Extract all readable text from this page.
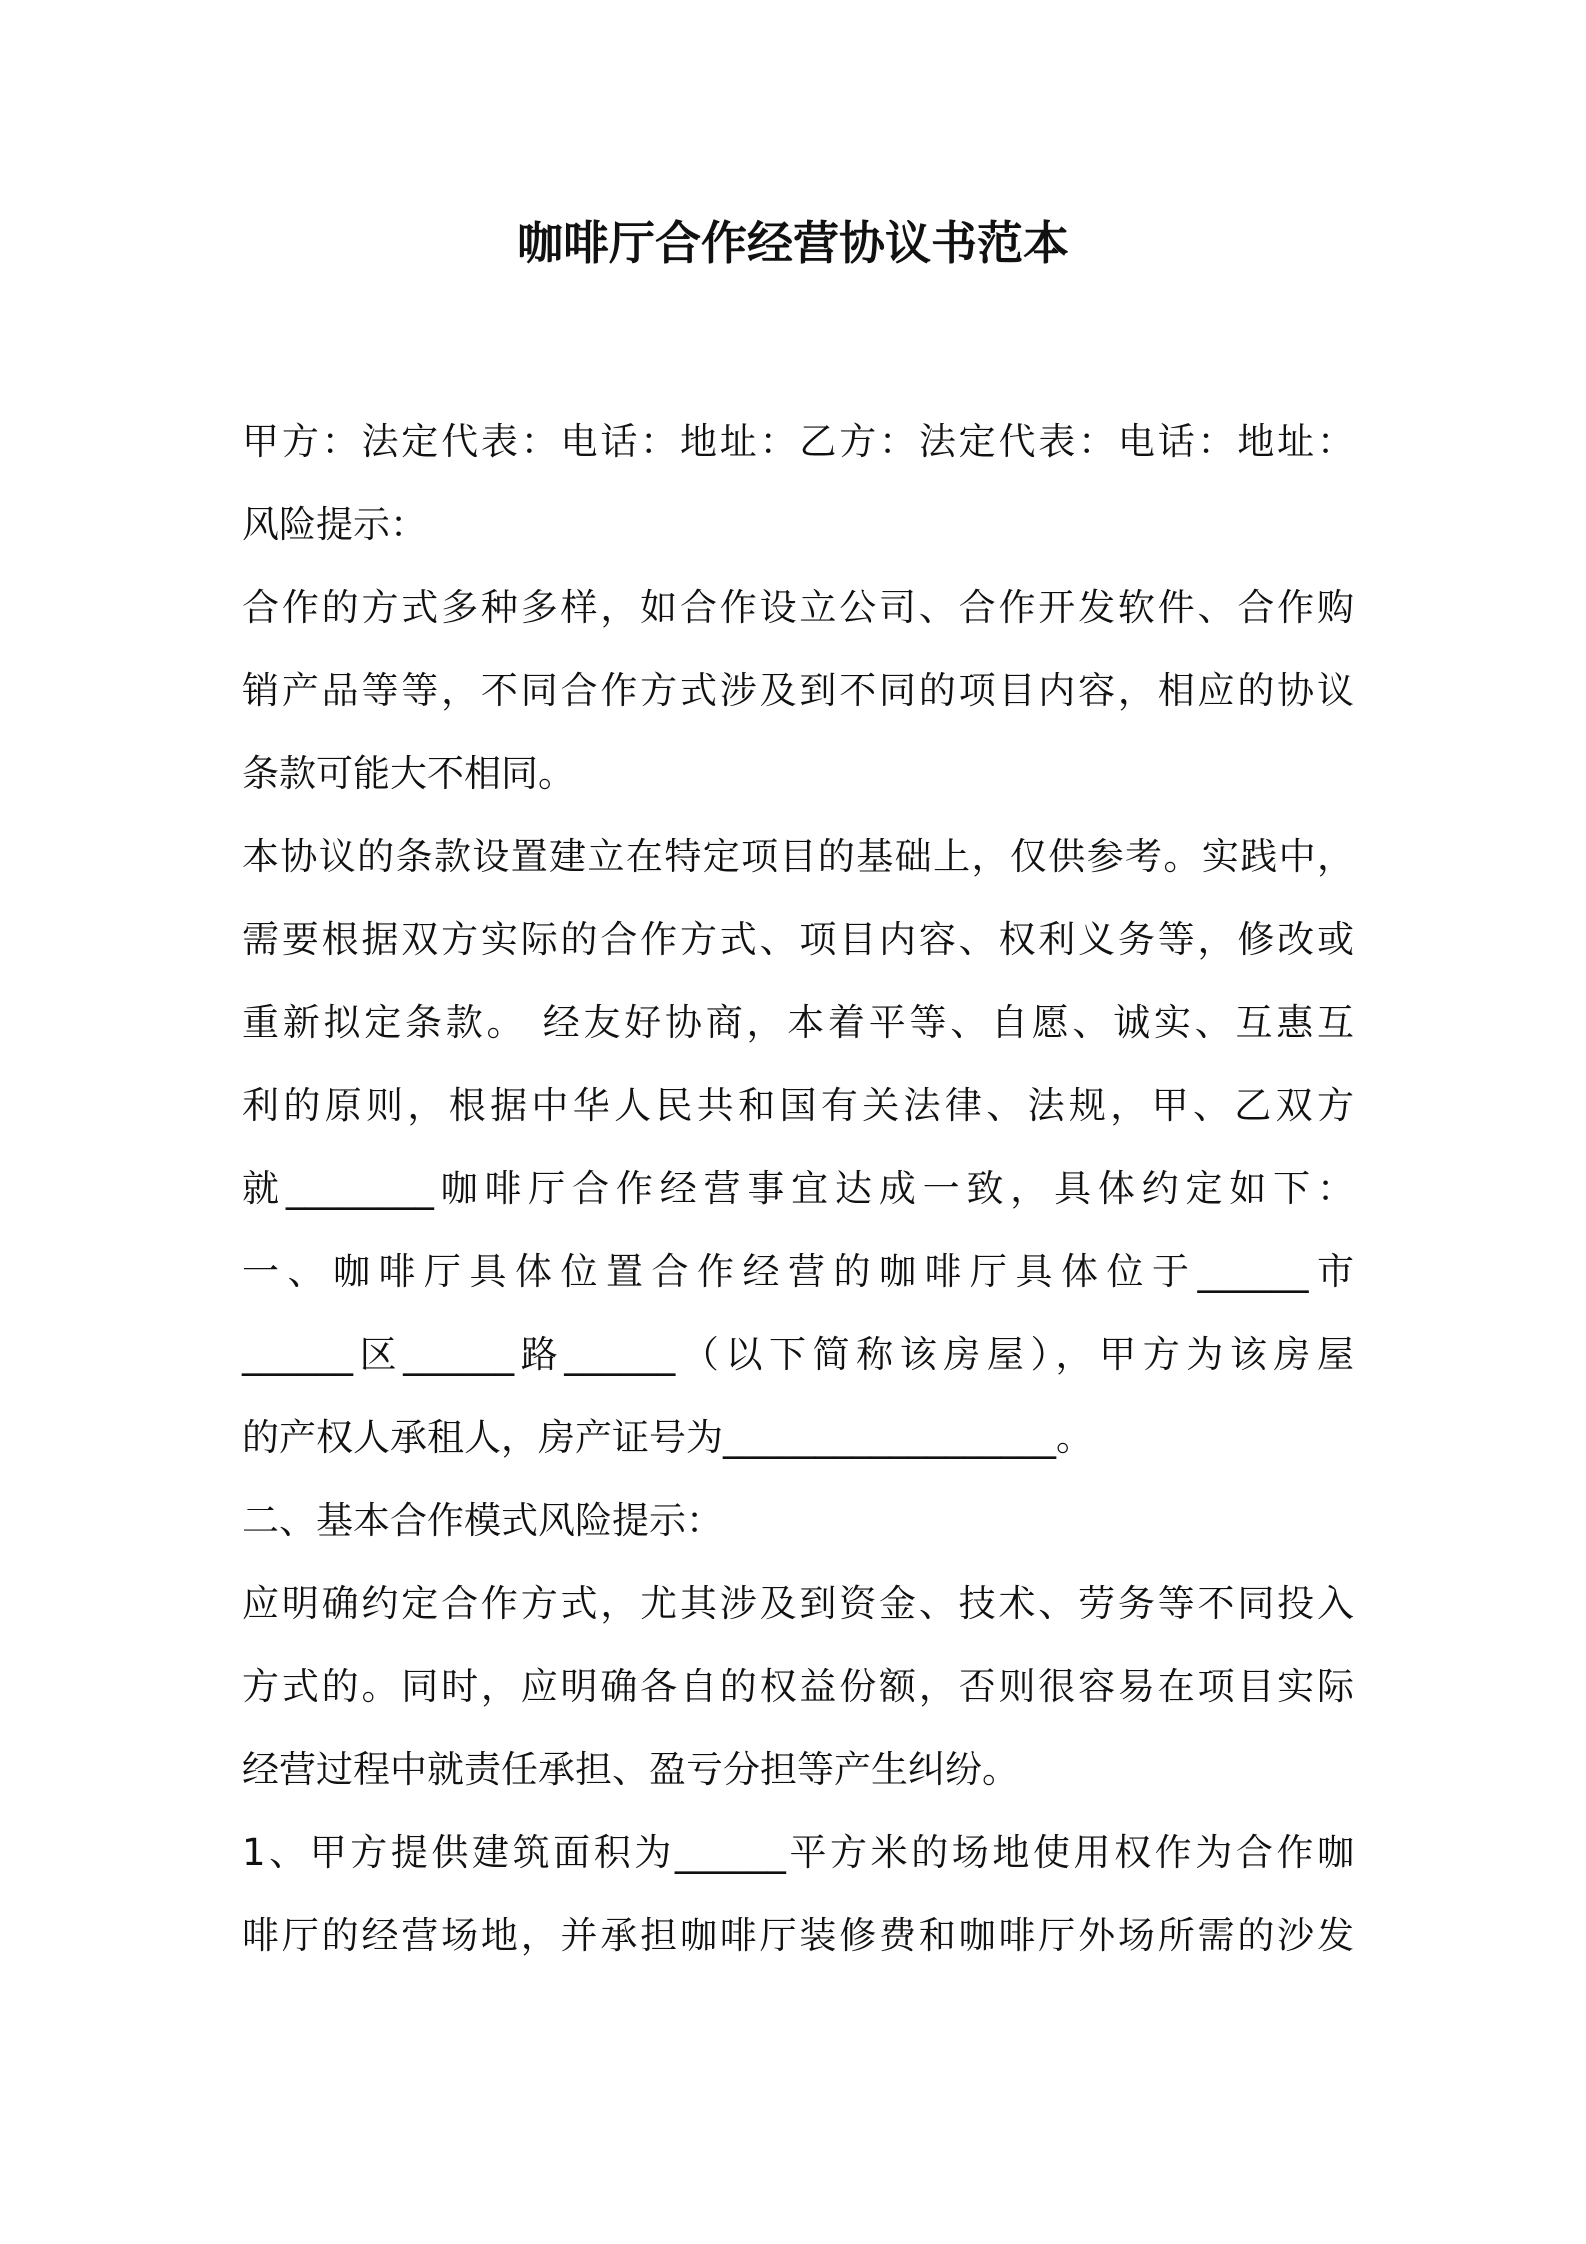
咖啡厅合作经营协议书范本
甲方：法定代表：电话：地址：乙方：法定代表：电话：地址：
风险提示：
合作的方式多种多样，如合作设立公司、合作开发软件、合作购
销产品等等，不同合作方式涉及到不同的项目内容，相应的协议
条款可能大不相同。
本协议的条款设置建立在特定项目的基础上，仅供参考。实践中，
需要根据双方实际的合作方式、项目内容、权利义务等，修改或
重新拟定条款。 经友好协商，本着平等、自愿、诚实、互惠互
利的原则，根据中华人民共和国有关法律、法规，甲、乙双方
就________咖啡厅合作经营事宜达成一致，具体约定如下：
一、咖啡厅具体位置合作经营的咖啡厅具体位于______市
______区______路______（以下简称该房屋），甲方为该房屋
的产权人承租人，房产证号为__________________。
二、基本合作模式风险提示：
应明确约定合作方式，尤其涉及到资金、技术、劳务等不同投入
方式的。同时，应明确各自的权益份额，否则很容易在项目实际
经营过程中就责任承担、盈亏分担等产生纠纷。
1、甲方提供建筑面积为______平方米的场地使用权作为合作咖
啡厅的经营场地，并承担咖啡厅装修费和咖啡厅外场所需的沙发
